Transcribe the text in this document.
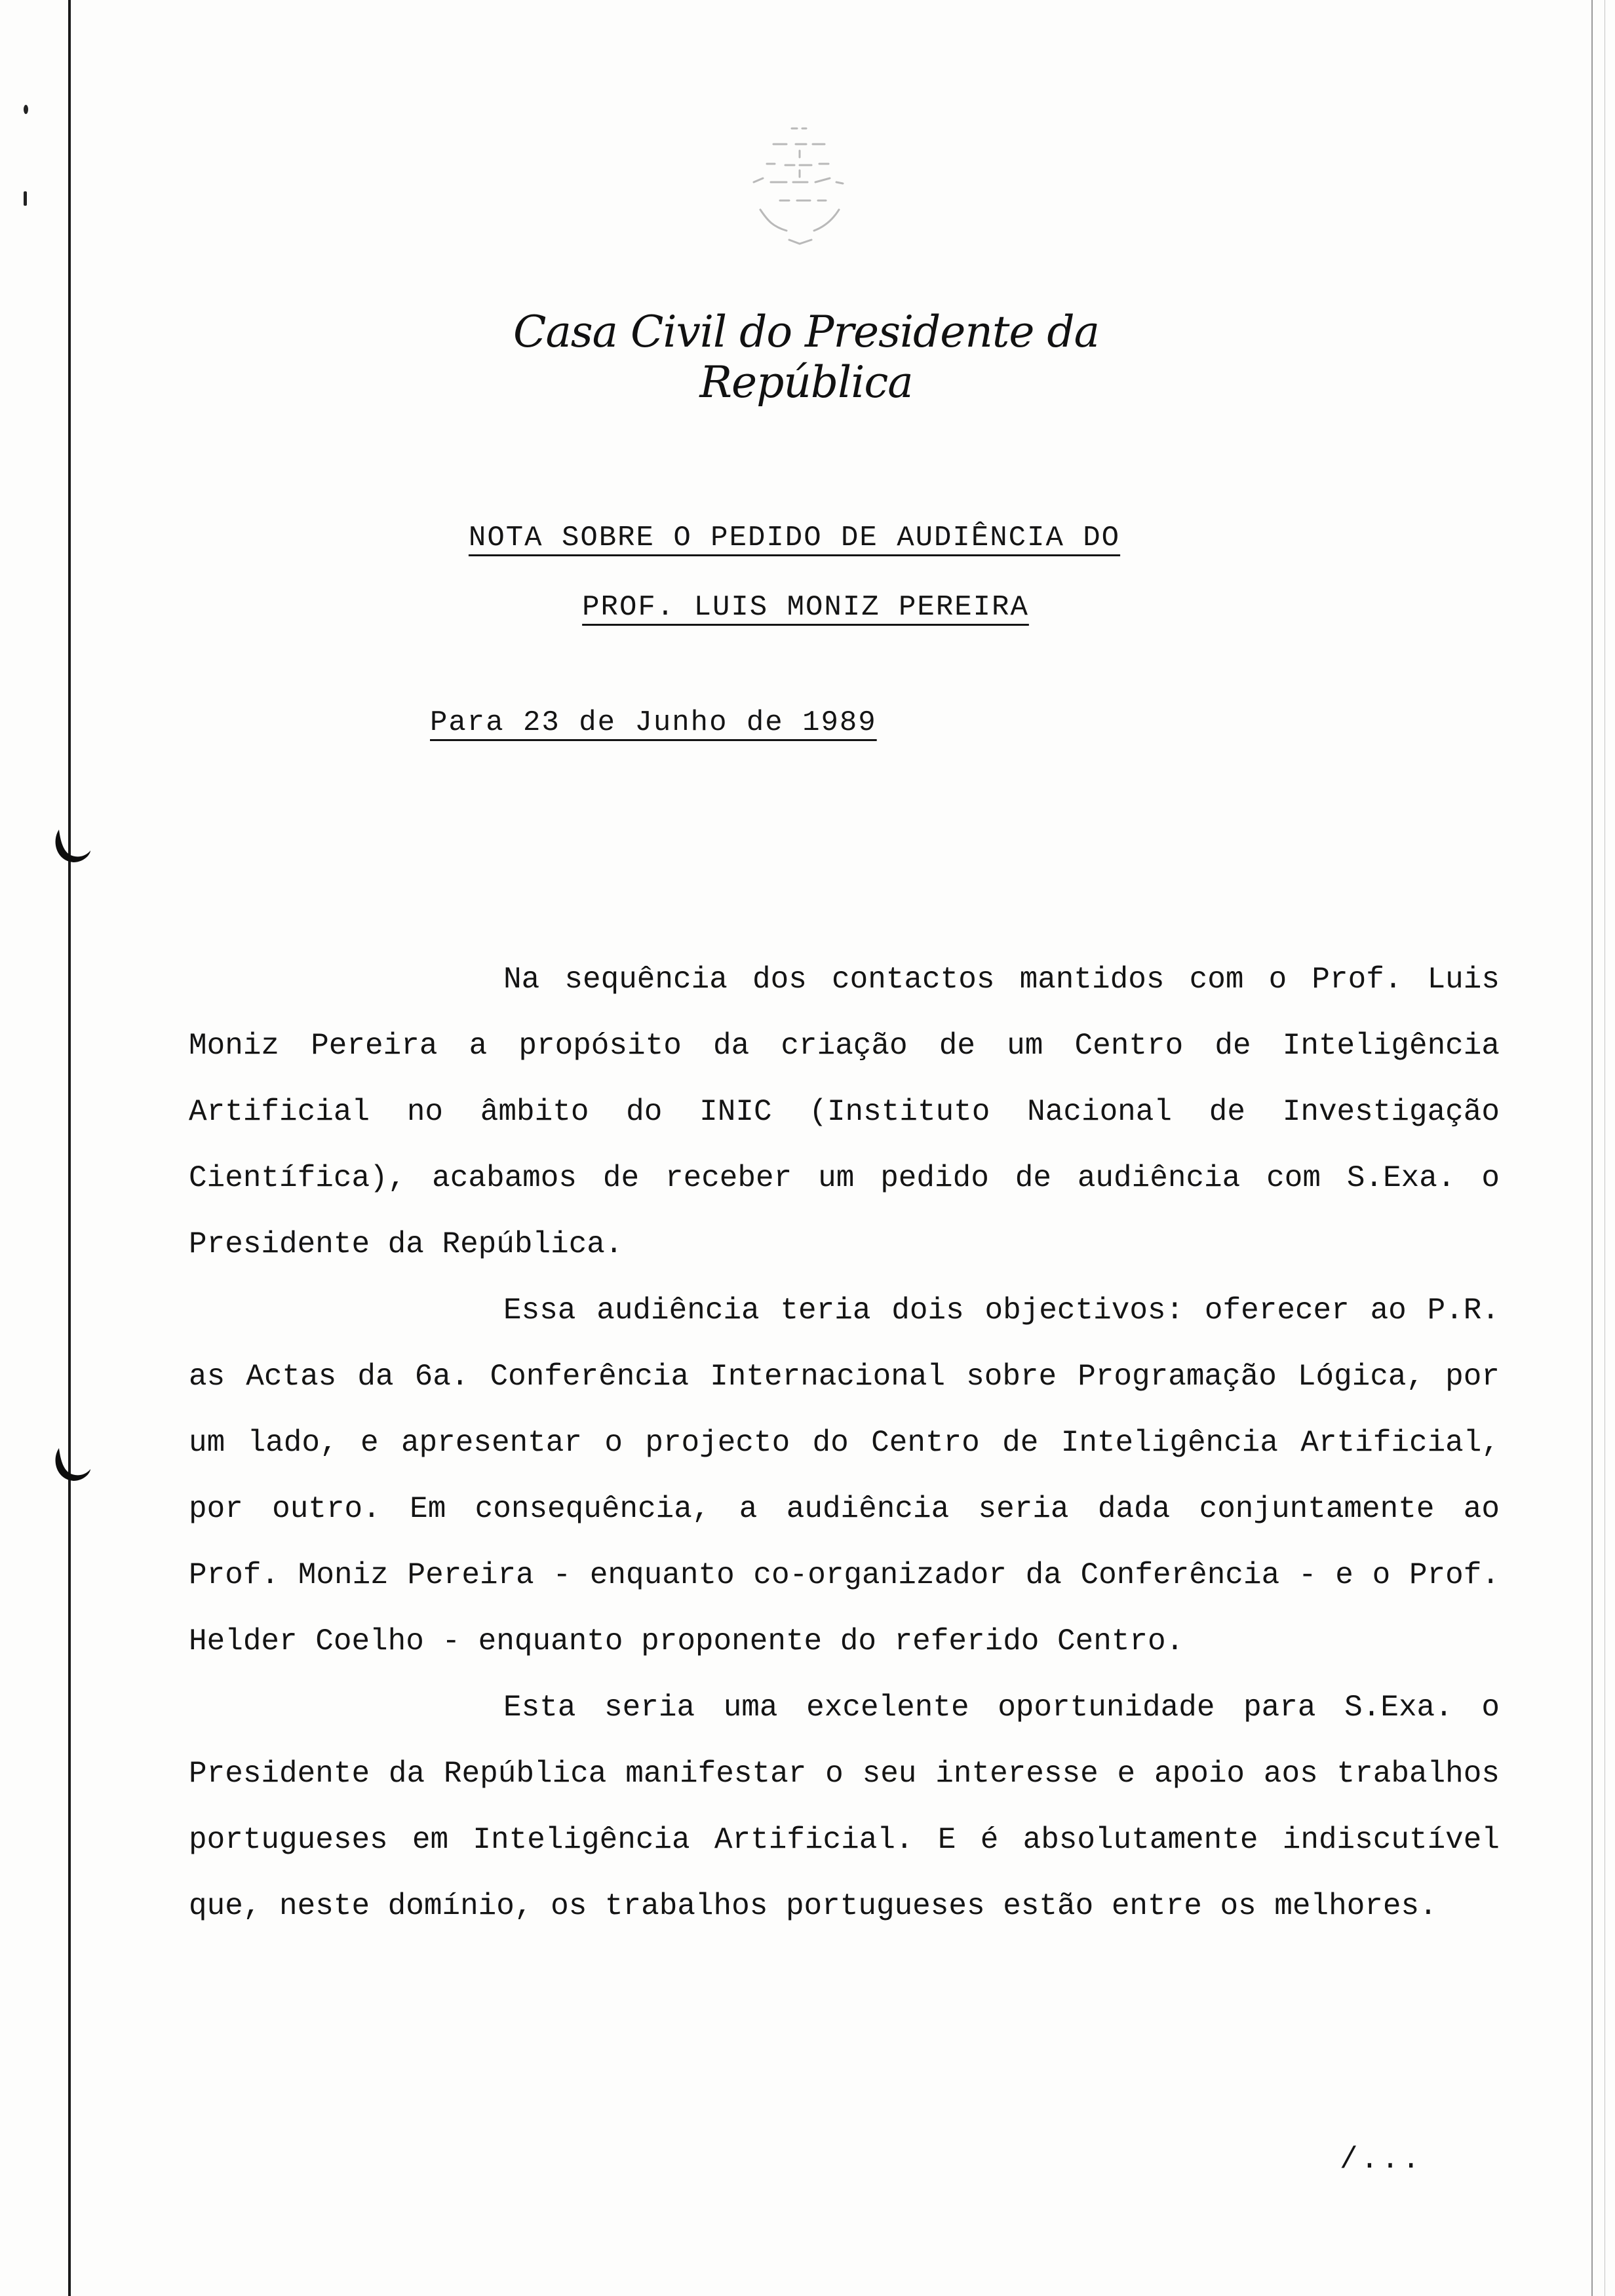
Casa Civil do Presidente da República
NOTA SOBRE O PEDIDO DE AUDIÊNCIA DO
PROF. LUIS MONIZ PEREIRA
Para 23 de Junho de 1989

Na sequência dos contactos mantidos com o Prof. Luis Moniz Pereira a propósito da criação de um Centro de Inteligência Artificial no âmbito do INIC (Instituto Nacional de Investigação Científica), acabamos de receber um pedido de audiência com S.Exa. o Presidente da República.

Essa audiência teria dois objectivos: oferecer ao P.R. as Actas da 6a. Conferência Internacional sobre Programação Lógica, por um lado, e apresentar o projecto do Centro de Inteligência Artificial, por outro. Em consequência, a audiência seria dada conjuntamente ao Prof. Moniz Pereira - enquanto co-organizador da Conferência - e o Prof. Helder Coelho - enquanto proponente do referido Centro.

Esta seria uma excelente oportunidade para S.Exa. o Presidente da República manifestar o seu interesse e apoio aos trabalhos portugueses em Inteligência Artificial. E é absolutamente indiscutível que, neste domínio, os trabalhos portugueses estão entre os melhores.

/...
